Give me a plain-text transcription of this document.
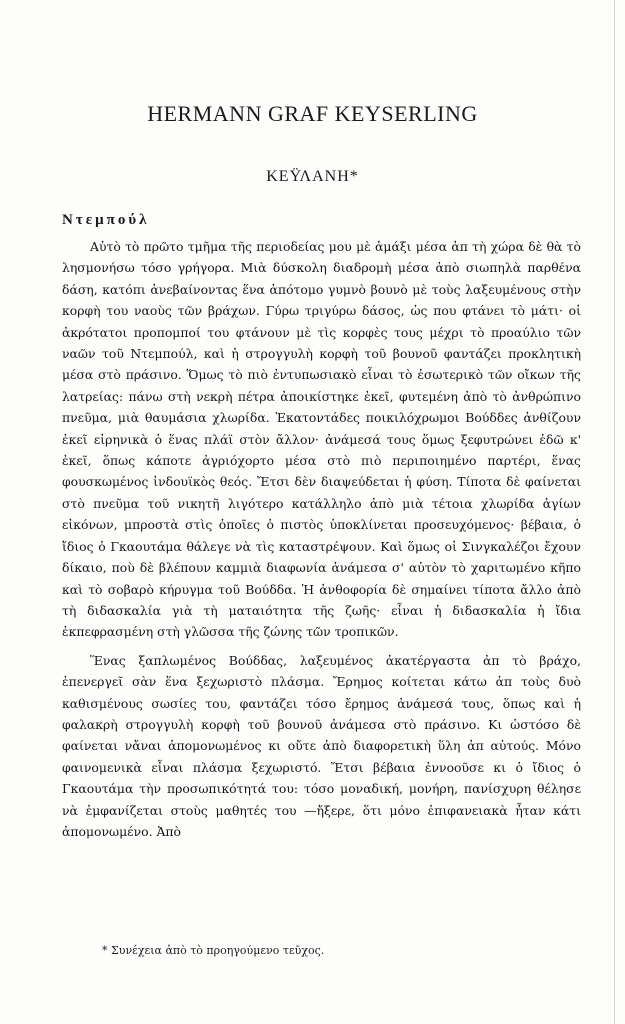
HERMANN GRAF KEYSERLING
ΚΕΫΛΑΝΗ*
Ντεμπούλ

Αὐτὸ τὸ πρῶτο τμῆμα τῆς περιοδείας μου μὲ ἁμάξι μέσα ἀπ τὴ χώρα δὲ θὰ τὸ λησμονήσω τόσο γρήγορα. Μιὰ δύσκολη διαδρομὴ μέσα ἀπὸ σιωπηλὰ παρθένα δάση, κατόπι ἀνεβαίνοντας ἕνα ἀπότομο γυμνὸ βουνὸ μὲ τοὺς λαξευμένους στὴν κορφὴ του ναοὺς τῶν βράχων. Γύρω τριγύρω δάσος, ὡς που φτάνει τὸ μάτι· οἱ ἀκρότατοι προπομποί του φτάνουν μὲ τὶς κορφὲς τους μέχρι τὸ προαύλιο τῶν ναῶν τοῦ Ντεμπούλ, καὶ ἡ στρογγυλὴ κορφὴ τοῦ βουνοῦ φαντάζει προκλητικὴ μέσα στὸ πράσινο. Ὅμως τὸ πιὸ ἐντυπωσιακὸ εἶναι τὸ ἐσωτερικὸ τῶν οἴκων τῆς λατρείας: πάνω στὴ νεκρὴ πέτρα ἀποικίστηκε ἐκεῖ, φυτεμένη ἀπὸ τὸ ἀνθρώπινο πνεῦμα, μιὰ θαυμάσια χλωρίδα. Ἑκατοντάδες ποικιλόχρωμοι Βούδδες ἀνθίζουν ἐκεῖ εἰρηνικὰ ὁ ἕνας πλάϊ στὸν ἄλλον· ἀνάμεσά τους ὅμως ξεφυτρώνει ἐδῶ κ' ἐκεῖ, ὅπως κάποτε ἀγριόχορτο μέσα στὸ πιὸ περιποιημένο παρτέρι, ἕνας φουσκωμένος ἰνδουϊκὸς θεός. Ἔτσι δὲν διαψεύδεται ἡ φύση. Τίποτα δὲ φαίνεται στὸ πνεῦμα τοῦ νικητῆ λιγότερο κατάλληλο ἀπὸ μιὰ τέτοια χλωρίδα ἁγίων εἰκόνων, μπροστὰ στὶς ὁποῖες ὁ πιστὸς ὑποκλίνεται προσευχόμενος· βέβαια, ὁ ἴδιος ὁ Γκαουτάμα θάλεγε νὰ τὶς καταστρέψουν. Καὶ ὅμως οἱ Σινγκαλέζοι ἔχουν δίκαιο, ποὺ δὲ βλέπουν καμμιὰ διαφωνία ἀνάμεσα σ' αὐτὸν τὸ χαριτωμένο κῆπο καὶ τὸ σοβαρὸ κήρυγμα τοῦ Βούδδα. Ἡ ἀνθοφορία δὲ σημαίνει τίποτα ἄλλο ἀπὸ τὴ διδασκαλία γιὰ τὴ ματαιότητα τῆς ζωῆς· εἶναι ἡ διδασκαλία ἡ ἴδια ἐκπεφρασμένη στὴ γλῶσσα τῆς ζώνης τῶν τροπικῶν.

Ἕνας ξαπλωμένος Βούδδας, λαξευμένος ἀκατέργαστα ἀπ τὸ βράχο, ἐπενεργεῖ σὰν ἕνα ξεχωριστὸ πλάσμα. Ἔρημος κοίτεται κάτω ἀπ τοὺς δυὸ καθισμένους σωσίες του, φαντάζει τόσο ἔρημος ἀνάμεσά τους, ὅπως καὶ ἡ φαλακρὴ στρογγυλὴ κορφὴ τοῦ βουνοῦ ἀνάμεσα στὸ πράσινο. Κι ὡστόσο δὲ φαίνεται νἄναι ἀπομονωμένος κι οὔτε ἀπὸ διαφορετικὴ ὕλη ἀπ αὐτούς. Μόνο φαινομενικὰ εἶναι πλάσμα ξεχωριστό. Ἔτσι βέβαια ἐννοοῦσε κι ὁ ἴδιος ὁ Γκαουτάμα τὴν προσωπικότητά του: τόσο μοναδική, μονήρη, πανίσχυρη θέλησε νὰ ἐμφανίζεται στοὺς μαθητές του —ἤξερε, ὅτι μόνο ἐπιφανειακὰ ἦταν κάτι ἀπομονωμένο. Ἀπὸ

* Συνέχεια ἀπὸ τὸ προηγούμενο τεῦχος.
